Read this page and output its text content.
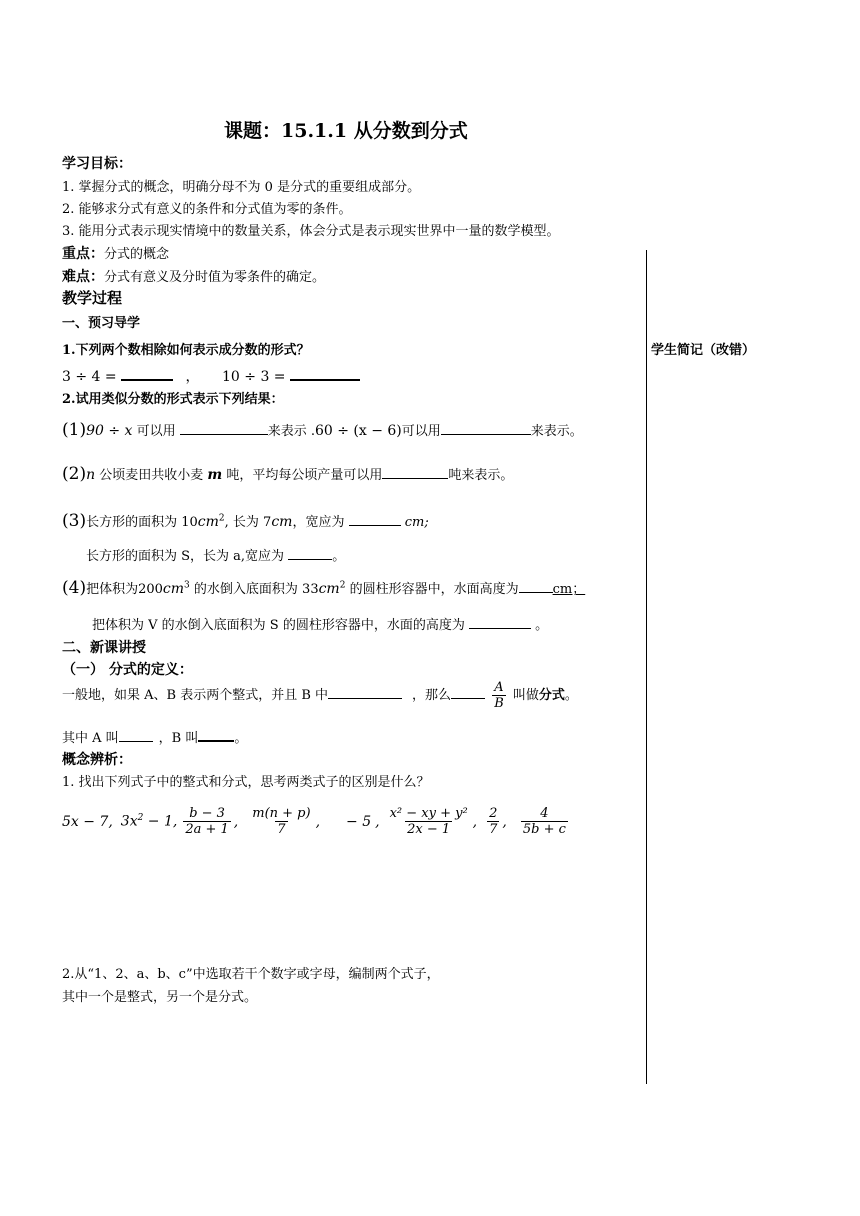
课题：15.1.1 从分数到分式
学习目标：
1. 掌握分式的概念，明确分母不为 0 是分式的重要组成部分。
2. 能够求分式有意义的条件和分式值为零的条件。
3. 能用分式表示现实情境中的数量关系，体会分式是表示现实世界中一量的数学模型。
重点：分式的概念
难点：分式有意义及分时值为零条件的确定。
教学过程
一、预习导学
学生简记（改错）
1.下列两个数相除如何表示成分数的形式？
3 ÷ 4 =	， 10 ÷ 3 =
2.试用类似分数的形式表示下列结果：
(1)90 ÷ x 可以用	来表示 .60 ÷ (x − 6)可以用	来表示。
(2)n 公顷麦田共收小麦 m 吨，平均每公顷产量可以用	吨来表示。
(3)长方形的面积为 $10cm^2$, 长为 7cm，宽应为	cm;
长方形的面积为 S，长为 a,宽应为	。
(4)把体积为$200cm^3$ 的水倒入底面积为 $33cm^2$ 的圆柱形容器中，水面高度为	cm；
把体积为 V 的水倒入底面积为 S 的圆柱形容器中，水面的高度为	。
二、新课讲授
（一） 分式的定义：
一般地，如果 A、B 表示两个整式，并且 B 中	，那么	$\frac{A}{B}$ 叫做分式。
其中 A 叫	，B 叫	。
概念辨析：
1. 找出下列式子中的整式和分式，思考两类式子的区别是什么？
5x − 7, $3x^2 - 1$, $\frac{b - 3}{2a + 1}$ , $\frac{m(n + p)}{7}$ , − 5 , $\frac{\text{x² − xy + y²}}{2x - 1}$ , $\frac{2}{7}$ , $\frac{4}{5b + c}$
2.从“1、2、a、b、c”中选取若干个数字或字母，编制两个式子，
其中一个是整式，另一个是分式。
